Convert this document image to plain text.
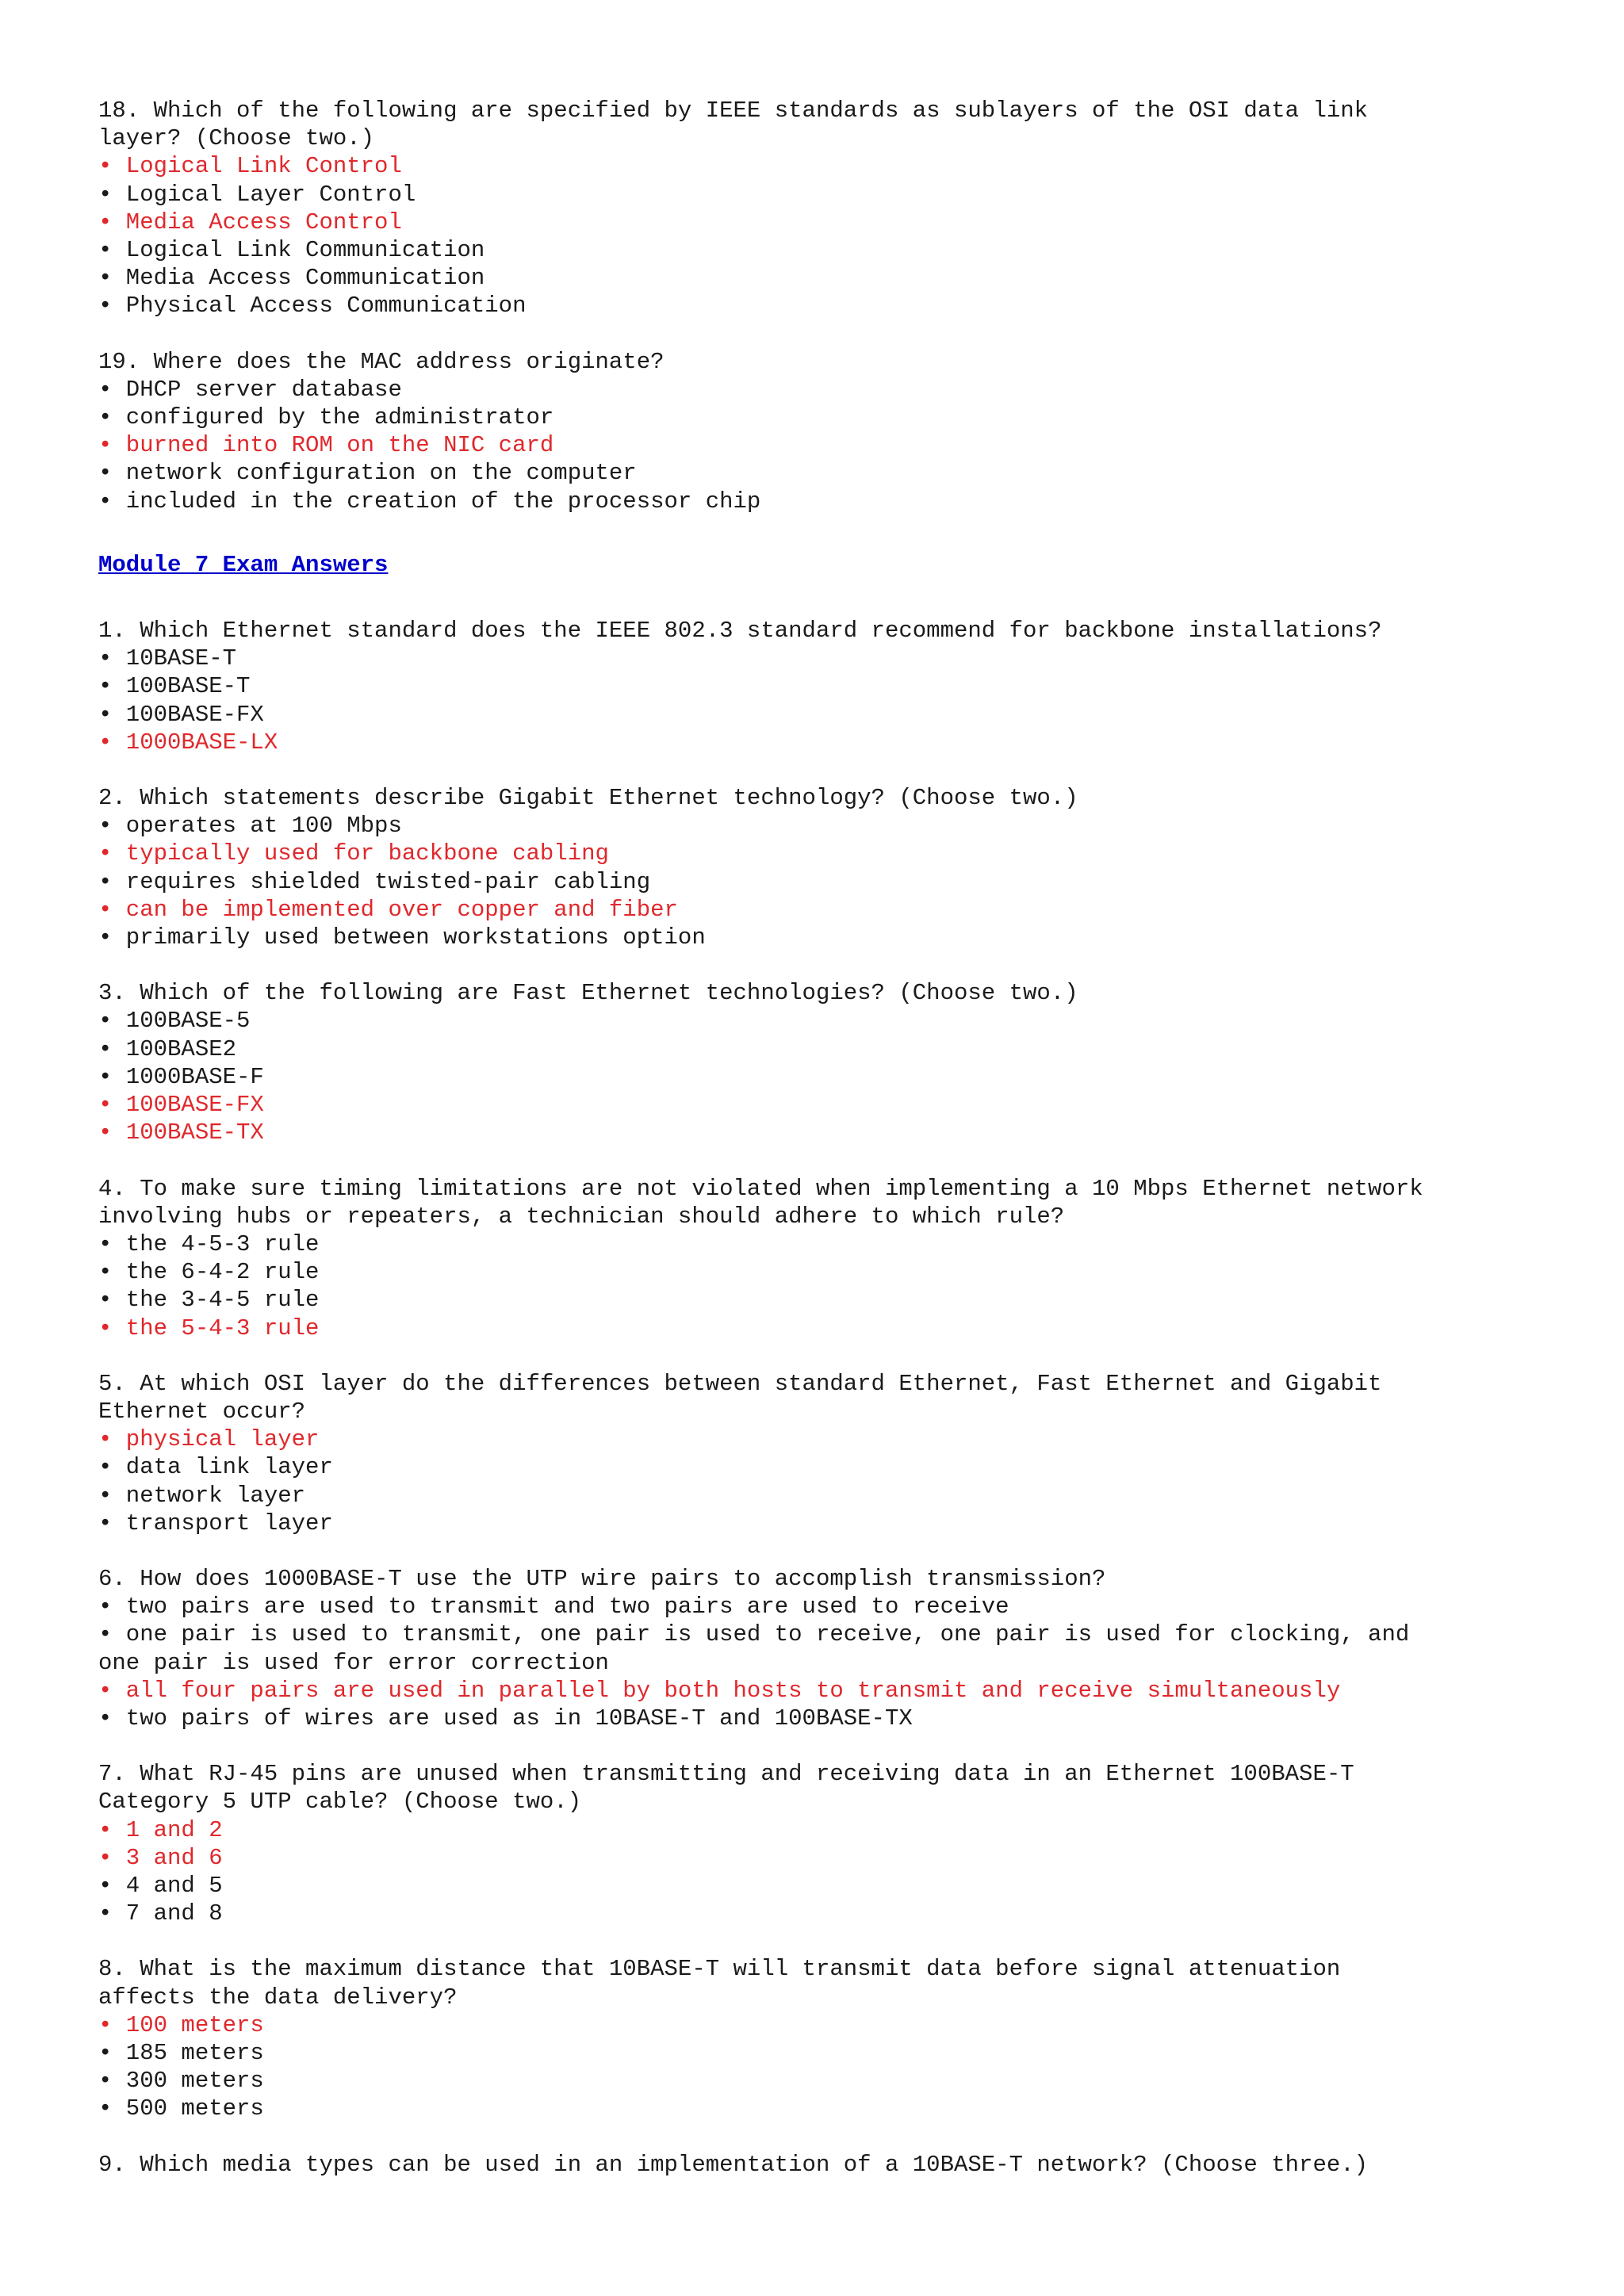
18. Which of the following are specified by IEEE standards as sublayers of the OSI data link
layer? (Choose two.)
• Logical Link Control
• Logical Layer Control
• Media Access Control
• Logical Link Communication
• Media Access Communication
• Physical Access Communication
19. Where does the MAC address originate?
• DHCP server database
• configured by the administrator
• burned into ROM on the NIC card
• network configuration on the computer
• included in the creation of the processor chip
Module 7 Exam Answers
1. Which Ethernet standard does the IEEE 802.3 standard recommend for backbone installations?
• 10BASE-T
• 100BASE-T
• 100BASE-FX
• 1000BASE-LX
2. Which statements describe Gigabit Ethernet technology? (Choose two.)
• operates at 100 Mbps
• typically used for backbone cabling
• requires shielded twisted-pair cabling
• can be implemented over copper and fiber
• primarily used between workstations option
3. Which of the following are Fast Ethernet technologies? (Choose two.)
• 100BASE-5
• 100BASE2
• 1000BASE-F
• 100BASE-FX
• 100BASE-TX
4. To make sure timing limitations are not violated when implementing a 10 Mbps Ethernet network
involving hubs or repeaters, a technician should adhere to which rule?
• the 4-5-3 rule
• the 6-4-2 rule
• the 3-4-5 rule
• the 5-4-3 rule
5. At which OSI layer do the differences between standard Ethernet, Fast Ethernet and Gigabit
Ethernet occur?
• physical layer
• data link layer
• network layer
• transport layer
6. How does 1000BASE-T use the UTP wire pairs to accomplish transmission?
• two pairs are used to transmit and two pairs are used to receive
• one pair is used to transmit, one pair is used to receive, one pair is used for clocking, and
one pair is used for error correction
• all four pairs are used in parallel by both hosts to transmit and receive simultaneously
• two pairs of wires are used as in 10BASE-T and 100BASE-TX
7. What RJ-45 pins are unused when transmitting and receiving data in an Ethernet 100BASE-T
Category 5 UTP cable? (Choose two.)
• 1 and 2
• 3 and 6
• 4 and 5
• 7 and 8
8. What is the maximum distance that 10BASE-T will transmit data before signal attenuation
affects the data delivery?
• 100 meters
• 185 meters
• 300 meters
• 500 meters
9. Which media types can be used in an implementation of a 10BASE-T network? (Choose three.)
